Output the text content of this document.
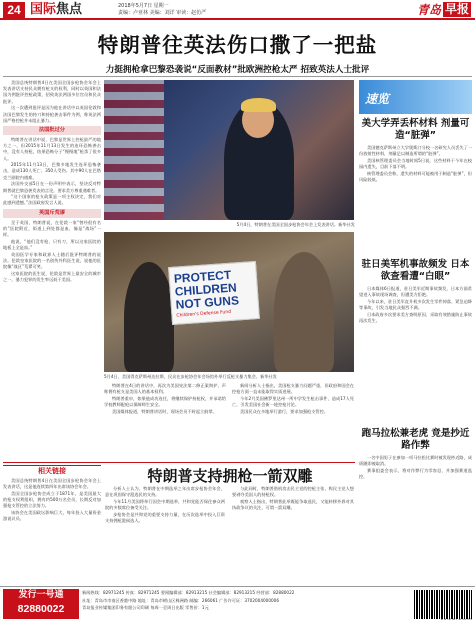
24 国际焦点	2018年5月7日 星期一
责编：卢亚林 美编：刘洋 审读：赵仿严	青岛 早报
特朗普往英法伤口撒了一把盐
力挺拥枪拿巴黎恐袭说“反面教材”批欧洲控枪太严 招致英法人士批评

美国总统特朗普4日在美国全国步枪协会年会上发表讲话支持民众拥有枪支的权利，同时以英国和法国为例批评控枪政策，招致英法两国多位官员和民众批评。

这一次遭到批评是因为他在讲话中以英国伦敦和法国巴黎发生的持刀和持枪袭击事件为例，称英法两国严格控枪并未阻止暴力。

法国批过分

特朗普在讲话中说，巴黎是世界上控枪最严的地方之一，但2015年11月13日发生的连环恐怖袭击中，没有人持枪，结果恐怖分子“慢慢地”枪杀了很多人。

2015年11月13日，巴黎多地发生连环恐怖袭击，造成130人死亡、350人受伤。其中90人在巴塔克兰剧院内遇难。

法国外交部5日在一份声明中表示，坚决反对特朗普就巴黎恐袭发表的言论，要求美方尊重遇难者。

“这个国家的枪支政策是一项主权决定，我们对此感到遗憾。”法国政府发言人说。

英国斥荒谬

至于英国，特朗普说，在伦敦一家“曾经很有名的”医院附近，街道上到处都是血，像是“战场”一样。

他说，“他们没有枪，只有刀，所以这家医院的地板上全是血。”

英国医学专家和政界人士随后批评特朗普的说法。伦敦皇家医院的一名创伤外科医生说，说他的医院像“战区”荒谬可笑。

这家医院的医生说，伦敦是世界上最安全的城市之一，暴力犯罪的发生率远低于美国。

5月4日，特朗普在美国全国步枪协会年会上发表讲话。新华社发
PROTECT CHILDREN NOT GUNS
Children's Defense Fund
5月4日，美国得克萨斯州达拉斯，民众在步枪协会年会场馆外举行反枪支暴力集会。新华社发

特朗普在4日的讲话中，再次为美国宪法第二修正案辩护，声称拥有枪支是美国人的基本权利。

特朗普重申，如果他成功连任，将继续保护持枪权，并承诺给学校教师配枪以保障师生安全。

美国媒体报道，特朗普讲话时，现场会员不时起立鼓掌。

新闻分析人士指出，美国枪支暴力问题严重，但政府和国会在控枪方面一直未能取得实质进展。

今年2月美国佛罗里达州一所中学发生枪击事件，造成17人死亡，引发美国社会新一轮控枪讨论。

美国民众在多地举行游行，要求加强枪支管控。

速览
美大学弄丢杯材料 剂量可造“脏弹”

美国德克萨斯州立大学奥斯汀分校一名研究人员丢失了一份放射性材料，剂量足以制造所谓的“脏弹”。

美国核管理委员会当地时间5日说，这些材料于今年在校园内遗失，目前下落不明。

核管理委员会称，遗失的材料可能被用于制造“脏弹”，但风险较低。

驻日美军机事故频发 日本欲查看遭“白眼”

日本媒体6日报道，驻日美军近期事故频发，日本方面希望进入事故现场调查，但遭美方拒绝。

今年以来，驻日美军直升机多次发生零件掉落、紧急迫降等事故，引发当地民众强烈不满。

日本政府多次要求美方查明原因、采取有效措施防止事故再次发生。

跑马拉松兼老虎 竞是抄近路作弊

一名中国男子在参加一项马拉松比赛时被发现抄近路，成绩随即被取消。

赛事组委会表示，将对作弊行为零容忍，并加强赛道监控。

相关链接

美国总统特朗普4日在美国全国步枪协会年会上发表讲话，这是他连续第四年出席该协会年会。

美国全国步枪协会成立于1871年，是美国最大的枪支权利组织，拥有约500万名会员，长期反对加强枪支管控的立法努力。

该协会在美国政坛影响巨大，每年投入大量资金游说议员。

特朗普支持拥枪一箭双雕

分析人士认为，特朗普在中期选举之年出席步枪协会年会，意在巩固保守派选民的支持。

今年11月美国将举行国会中期选举，共和党能否保住参众两院的多数席位备受关注。

步枪协会是共和党的重要支持力量，在历次选举中投入巨资支持拥枪派候选人。

与此同时，特朗普借机攻击民主党的控枪主张，称民主党人想要剥夺美国人的持枪权。

观察人士指出，特朗普此举既能争取选民，又能转移外界对其执政争议的关注，可谓一箭双雕。

发行一号通
82880022
新闻热线：82971245 传真：82971245 要闻编辑部：82913215 社会编辑部：82913215 经营部：82880022
社址：青岛市市南区香港中路 地址：青岛市崂山区株洲路 邮编：266061 广告许可证：3702004000006
青岛报业传媒集团印务有限公司印刷 每周一至周日出版 零售价：1元
6 928782 610033
